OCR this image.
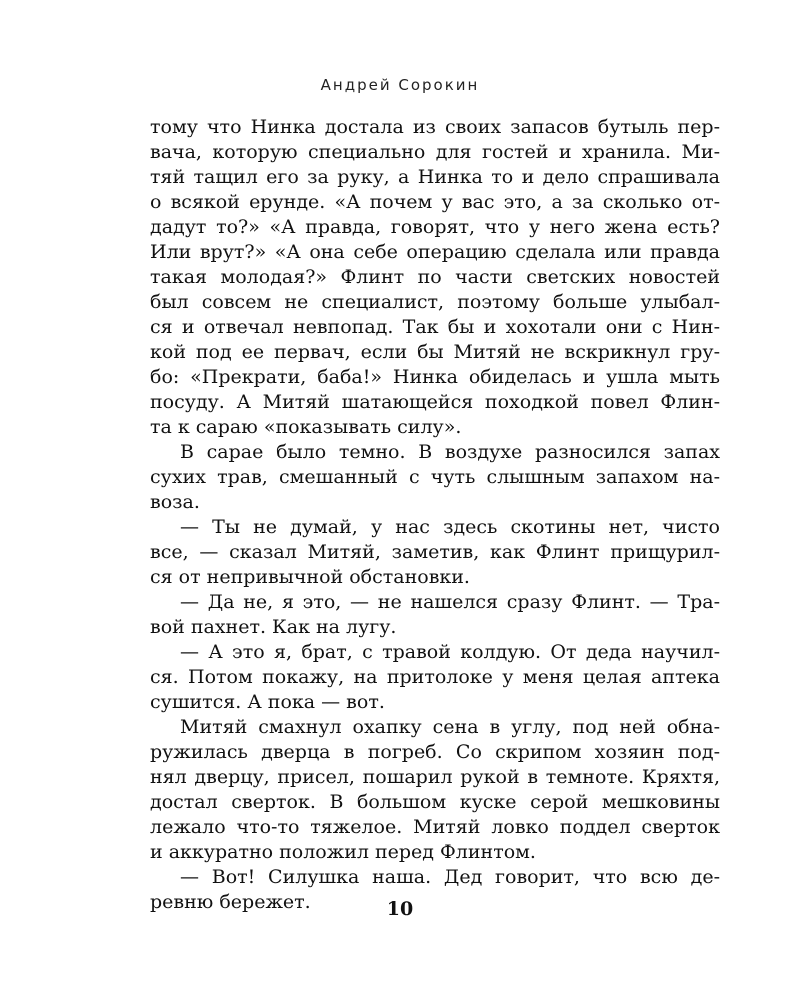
Андрей Сорокин
тому что Нинка достала из своих запасов бутыль пер-
вача, которую специально для гостей и хранила. Ми-
тяй тащил его за руку, а Нинка то и дело спрашивала
о всякой ерунде. «А почем у вас это, а за сколько от-
дадут то?» «А правда, говорят, что у него жена есть?
Или врут?» «А она себе операцию сделала или правда
такая молодая?» Флинт по части светских новостей
был совсем не специалист, поэтому больше улыбал-
ся и отвечал невпопад. Так бы и хохотали они с Нин-
кой под ее первач, если бы Митяй не вскрикнул гру-
бо: «Прекрати, баба!» Нинка обиделась и ушла мыть
посуду. А Митяй шатающейся походкой повел Флин-
та к сараю «показывать силу».
В сарае было темно. В воздухе разносился запах
сухих трав, смешанный с чуть слышным запахом на-
воза.
— Ты не думай, у нас здесь скотины нет, чисто
все, — сказал Митяй, заметив, как Флинт прищурил-
ся от непривычной обстановки.
— Да не, я это, — не нашелся сразу Флинт. — Тра-
вой пахнет. Как на лугу.
— А это я, брат, с травой колдую. От деда научил-
ся. Потом покажу, на притолоке у меня целая аптека
сушится. А пока — вот.
Митяй смахнул охапку сена в углу, под ней обна-
ружилась дверца в погреб. Со скрипом хозяин под-
нял дверцу, присел, пошарил рукой в темноте. Кряхтя,
достал сверток. В большом куске серой мешковины
лежало что-то тяжелое. Митяй ловко поддел сверток
и аккуратно положил перед Флинтом.
— Вот! Силушка наша. Дед говорит, что всю де-
ревню бережет.	10
